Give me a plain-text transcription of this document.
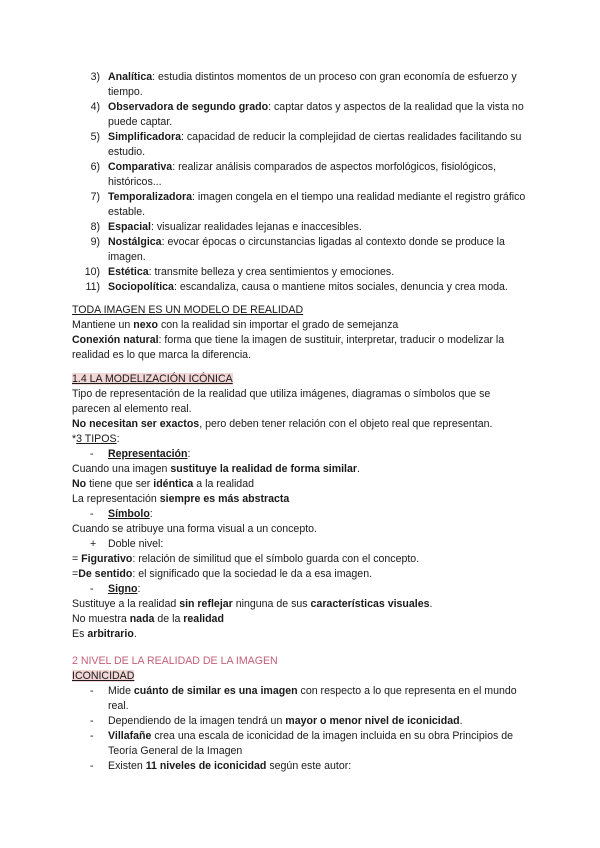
3) Analítica: estudia distintos momentos de un proceso con gran economía de esfuerzo y tiempo.
4) Observadora de segundo grado: captar datos y aspectos de la realidad que la vista no puede captar.
5) Simplificadora: capacidad de reducir la complejidad de ciertas realidades facilitando su estudio.
6) Comparativa: realizar análisis comparados de aspectos morfológicos, fisiológicos, históricos...
7) Temporalizadora: imagen congela en el tiempo una realidad mediante el registro gráfico estable.
8) Espacial: visualizar realidades lejanas e inaccesibles.
9) Nostálgica: evocar épocas o circunstancias ligadas al contexto donde se produce la imagen.
10) Estética: transmite belleza y crea sentimientos y emociones.
11) Sociopolítica: escandaliza, causa o mantiene mitos sociales, denuncia y crea moda.
TODA IMAGEN ES UN MODELO DE REALIDAD
Mantiene un nexo con la realidad sin importar el grado de semejanza
Conexión natural: forma que tiene la imagen de sustituir, interpretar, traducir o modelizar la realidad es lo que marca la diferencia.
1.4 LA MODELIZACIÓN ICÓNICA
Tipo de representación de la realidad que utiliza imágenes, diagramas o símbolos que se parecen al elemento real.
No necesitan ser exactos, pero deben tener relación con el objeto real que representan.
*3 TIPOS:
- Representación:
Cuando una imagen sustituye la realidad de forma similar.
No tiene que ser idéntica a la realidad
La representación siempre es más abstracta
- Símbolo:
Cuando se atribuye una forma visual a un concepto.
+ Doble nivel:
= Figurativo: relación de similitud que el símbolo guarda con el concepto.
=De sentido: el significado que la sociedad le da a esa imagen.
- Signo:
Sustituye a la realidad sin reflejar ninguna de sus características visuales.
No muestra nada de la realidad
Es arbitrario.
2 NIVEL DE LA REALIDAD DE LA IMAGEN
ICONICIDAD
- Mide cuánto de similar es una imagen con respecto a lo que representa en el mundo real.
- Dependiendo de la imagen tendrá un mayor o menor nivel de iconicidad.
- Villafañe crea una escala de iconicidad de la imagen incluida en su obra Principios de Teoría General de la Imagen
- Existen 11 niveles de iconicidad según este autor:
